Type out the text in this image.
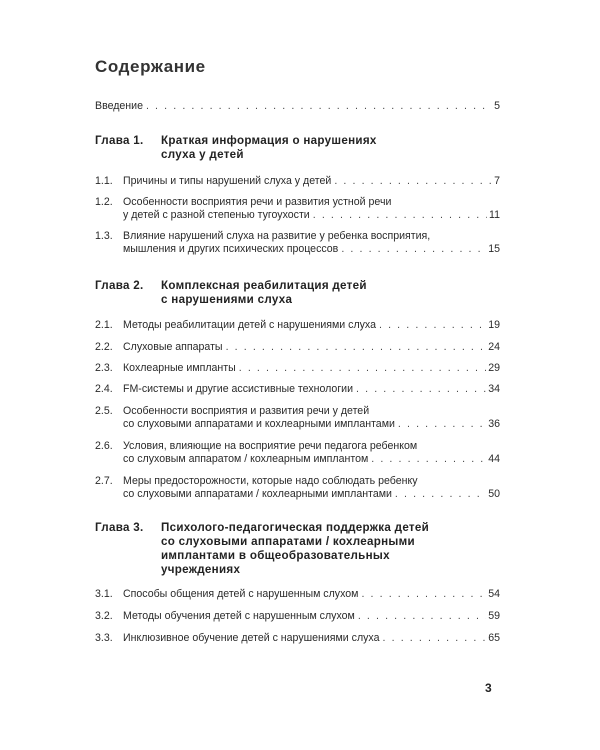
Содержание
Введение . . .	5
Глава 1.	Краткая информация о нарушениях
слуха у детей
1.1. Причины и типы нарушений слуха у детей . . .	7
1.2. Особенности восприятия речи и развития устной речи
у детей с разной степенью тугоухости . . .	11
1.3. Влияние нарушений слуха на развитие у ребенка восприятия,
мышления и других психических процессов . . .	15
Глава 2.	Комплексная реабилитация детей
с нарушениями слуха
2.1. Методы реабилитации детей с нарушениями слуха . . .	19
2.2. Слуховые аппараты . . .	24
2.3. Кохлеарные импланты . . .	29
2.4. FM-системы и другие ассистивные технологии . . .	34
2.5. Особенности восприятия и развития речи у детей
со слуховыми аппаратами и кохлеарными имплантами . . .	36
2.6. Условия, влияющие на восприятие речи педагога ребенком
со слуховым аппаратом / кохлеарным имплантом . . .	44
2.7. Меры предосторожности, которые надо соблюдать ребенку
со слуховыми аппаратами / кохлеарными имплантами . . .	50
Глава 3.	Психолого-педагогическая поддержка детей
со слуховыми аппаратами / кохлеарными
имплантами в общеобразовательных
учреждениях
3.1. Способы общения детей с нарушенным слухом . . .	54
3.2. Методы обучения детей с нарушенным слухом . . .	59
3.3. Инклюзивное обучение детей с нарушениями слуха . . .	65
3
